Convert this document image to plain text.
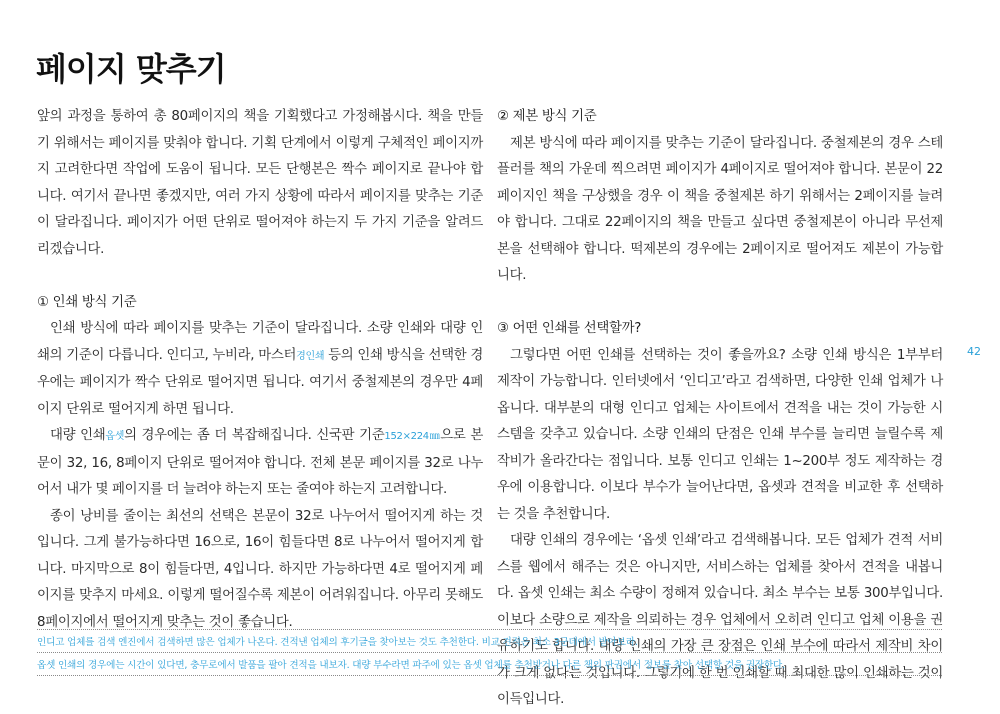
페이지 맞추기

앞의 과정을 통하여 총 80페이지의 책을 기획했다고 가정해봅시다. 책을 만들기 위해서는 페이지를 맞춰야 합니다. 기획 단계에서 이렇게 구체적인 페이지까지 고려한다면 작업에 도움이 됩니다. 모든 단행본은 짝수 페이지로 끝나야 합니다. 여기서 끝나면 좋겠지만, 여러 가지 상황에 따라서 페이지를 맞추는 기준이 달라집니다. 페이지가 어떤 단위로 떨어져야 하는지 두 가지 기준을 알려드리겠습니다.

① 인쇄 방식 기준

인쇄 방식에 따라 페이지를 맞추는 기준이 달라집니다. 소량 인쇄와 대량 인쇄의 기준이 다릅니다. 인디고, 누비라, 마스터경인쇄 등의 인쇄 방식을 선택한 경우에는 페이지가 짝수 단위로 떨어지면 됩니다. 여기서 중철제본의 경우만 4페이지 단위로 떨어지게 하면 됩니다.

대량 인쇄옵셋의 경우에는 좀 더 복잡해집니다. 신국판 기준152×224㎜으로 본문이 32, 16, 8페이지 단위로 떨어져야 합니다. 전체 본문 페이지를 32로 나누어서 내가 몇 페이지를 더 늘려야 하는지 또는 줄여야 하는지 고려합니다.

종이 낭비를 줄이는 최선의 선택은 본문이 32로 나누어서 떨어지게 하는 것입니다. 그게 불가능하다면 16으로, 16이 힘들다면 8로 나누어서 떨어지게 합니다. 마지막으로 8이 힘들다면, 4입니다. 하지만 가능하다면 4로 떨어지게 페이지를 맞추지 마세요. 이렇게 떨어질수록 제본이 어려워집니다. 아무리 못해도 8페이지에서 떨어지게 맞추는 것이 좋습니다.

② 제본 방식 기준

제본 방식에 따라 페이지를 맞추는 기준이 달라집니다. 중철제본의 경우 스테플러를 책의 가운데 찍으려면 페이지가 4페이지로 떨어져야 합니다. 본문이 22페이지인 책을 구상했을 경우 이 책을 중철제본 하기 위해서는 2페이지를 늘려야 합니다. 그대로 22페이지의 책을 만들고 싶다면 중철제본이 아니라 무선제본을 선택해야 합니다. 떡제본의 경우에는 2페이지로 떨어져도 제본이 가능합니다.

③ 어떤 인쇄를 선택할까?

그렇다면 어떤 인쇄를 선택하는 것이 좋을까요? 소량 인쇄 방식은 1부부터 제작이 가능합니다. 인터넷에서 ‘인디고’라고 검색하면, 다양한 인쇄 업체가 나옵니다. 대부분의 대형 인디고 업체는 사이트에서 견적을 내는 것이 가능한 시스템을 갖추고 있습니다. 소량 인쇄의 단점은 인쇄 부수를 늘리면 늘릴수록 제작비가 올라간다는 점입니다. 보통 인디고 인쇄는 1~200부 정도 제작하는 경우에 이용합니다. 이보다 부수가 늘어난다면, 옵셋과 견적을 비교한 후 선택하는 것을 추천합니다.

대량 인쇄의 경우에는 ‘옵셋 인쇄’라고 검색해봅니다. 모든 업체가 견적 서비스를 웹에서 해주는 것은 아니지만, 서비스하는 업체를 찾아서 견적을 내봅니다. 옵셋 인쇄는 최소 수량이 정해져 있습니다. 최소 부수는 보통 300부입니다. 이보다 소량으로 제작을 의뢰하는 경우 업체에서 오히려 인디고 업체 이용을 권유하기도 합니다. 대량 인쇄의 가장 큰 장점은 인쇄 부수에 따라서 제작비 차이가 크게 없다는 것입니다. 그렇기에 한 번 인쇄할 때 최대한 많이 인쇄하는 것이 이득입니다.

42
인디고 업체를 검색 엔진에서 검색하면 많은 업체가 나온다. 견적낸 업체의 후기글을 찾아보는 것도 추천한다. 비교 견적은 최소 3군데에서 받아보라.
옵셋 인쇄의 경우에는 시간이 있다면, 충무로에서 발품을 팔아 견적을 내보자. 대량 부수라면 파주에 있는 옵셋 업체를 추천받거나 다른 책의 판권에서 정보를 찾아 선택할 것을 권장한다.
